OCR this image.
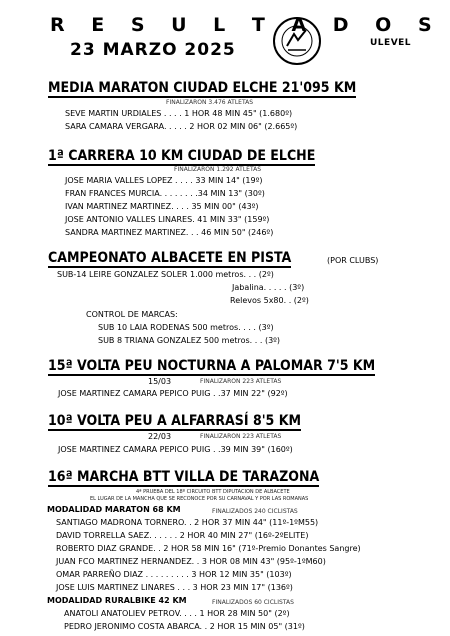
R E S U L T A D O S
23 MARZO 2025	ULEVEL
MEDIA MARATON CIUDAD ELCHE 21'095 KM
FINALIZARON 3.476 ATLETAS
SEVE MARTIN URDIALES . . . . 1 HOR 48 MIN 45" (1.680º)
SARA CAMARA VERGARA. . . . . 2 HOR 02 MIN 06" (2.665º)
1ª CARRERA 10 KM CIUDAD DE ELCHE
FINALIZARON 1.292 ATLETAS
JOSE MARIA VALLES LOPEZ . . . . 33 MIN 14" (19º)
FRAN FRANCES MURCIA. . . . . . . .34 MIN 13" (30º)
IVAN MARTINEZ MARTINEZ. . . . 35 MIN 00" (43º)
JOSE ANTONIO VALLES LINARES. 41 MIN 33" (159º)
SANDRA MARTINEZ MARTINEZ. . . 46 MIN 50" (246º)
CAMPEONATO ALBACETE EN PISTA	(POR CLUBS)
SUB-14 LEIRE GONZALEZ SOLER 1.000 metros. . . (2º)
Jabalina. . . . . (3º)
Relevos 5x80. . (2º)
CONTROL DE MARCAS:
SUB 10 LAIA RODENAS 500 metros. . . . (3º)
SUB 8 TRIANA GONZALEZ 500 metros. . . (3º)
15ª VOLTA PEU NOCTURNA A PALOMAR 7'5 KM
15/03	FINALIZARON 223 ATLETAS
JOSE MARTINEZ CAMARA PEPICO PUIG . .37 MIN 22" (92º)
10ª VOLTA PEU A ALFARRASÍ 8'5 KM
22/03	FINALIZARON 223 ATLETAS
JOSE MARTINEZ CAMARA PEPICO PUIG . .39 MIN 39" (160º)
16ª MARCHA BTT VILLA DE TARAZONA
4ª PRUEBA DEL 18º CIRCUITO BTT DIPUTACION DE ALBACETE
EL LUGAR DE LA MANCHA QUE SE RECONOCE POR SU CARNAVAL Y POR LAS ROMANAS
MODALIDAD MARATON 68 KM	FINALIZADOS 240 CICLISTAS
SANTIAGO MADRONA TORNERO. . 2 HOR 37 MIN 44" (11º-1ºM55)
DAVID TORRELLA SAEZ. . . . . . 2 HOR 40 MIN 27" (16º-2ºELITE)
ROBERTO DIAZ GRANDE. . 2 HOR 58 MIN 16" (71º-Premio Donantes Sangre)
JUAN FCO MARTINEZ HERNANDEZ. . 3 HOR 08 MIN 43" (95º-1ºM60)
OMAR PARREÑO DIAZ . . . . . . . . . 3 HOR 12 MIN 35" (103º)
JOSE LUIS MARTINEZ LINARES . . . 3 HOR 23 MIN 17" (136º)
MODALIDAD RURALBIKE 42 KM	FINALIZADOS 60 CICLISTAS
ANATOLI ANATOLIEV PETROV. . . . 1 HOR 28 MIN 50" (2º)
PEDRO JERONIMO COSTA ABARCA. . 2 HOR 15 MIN 05" (31º)
